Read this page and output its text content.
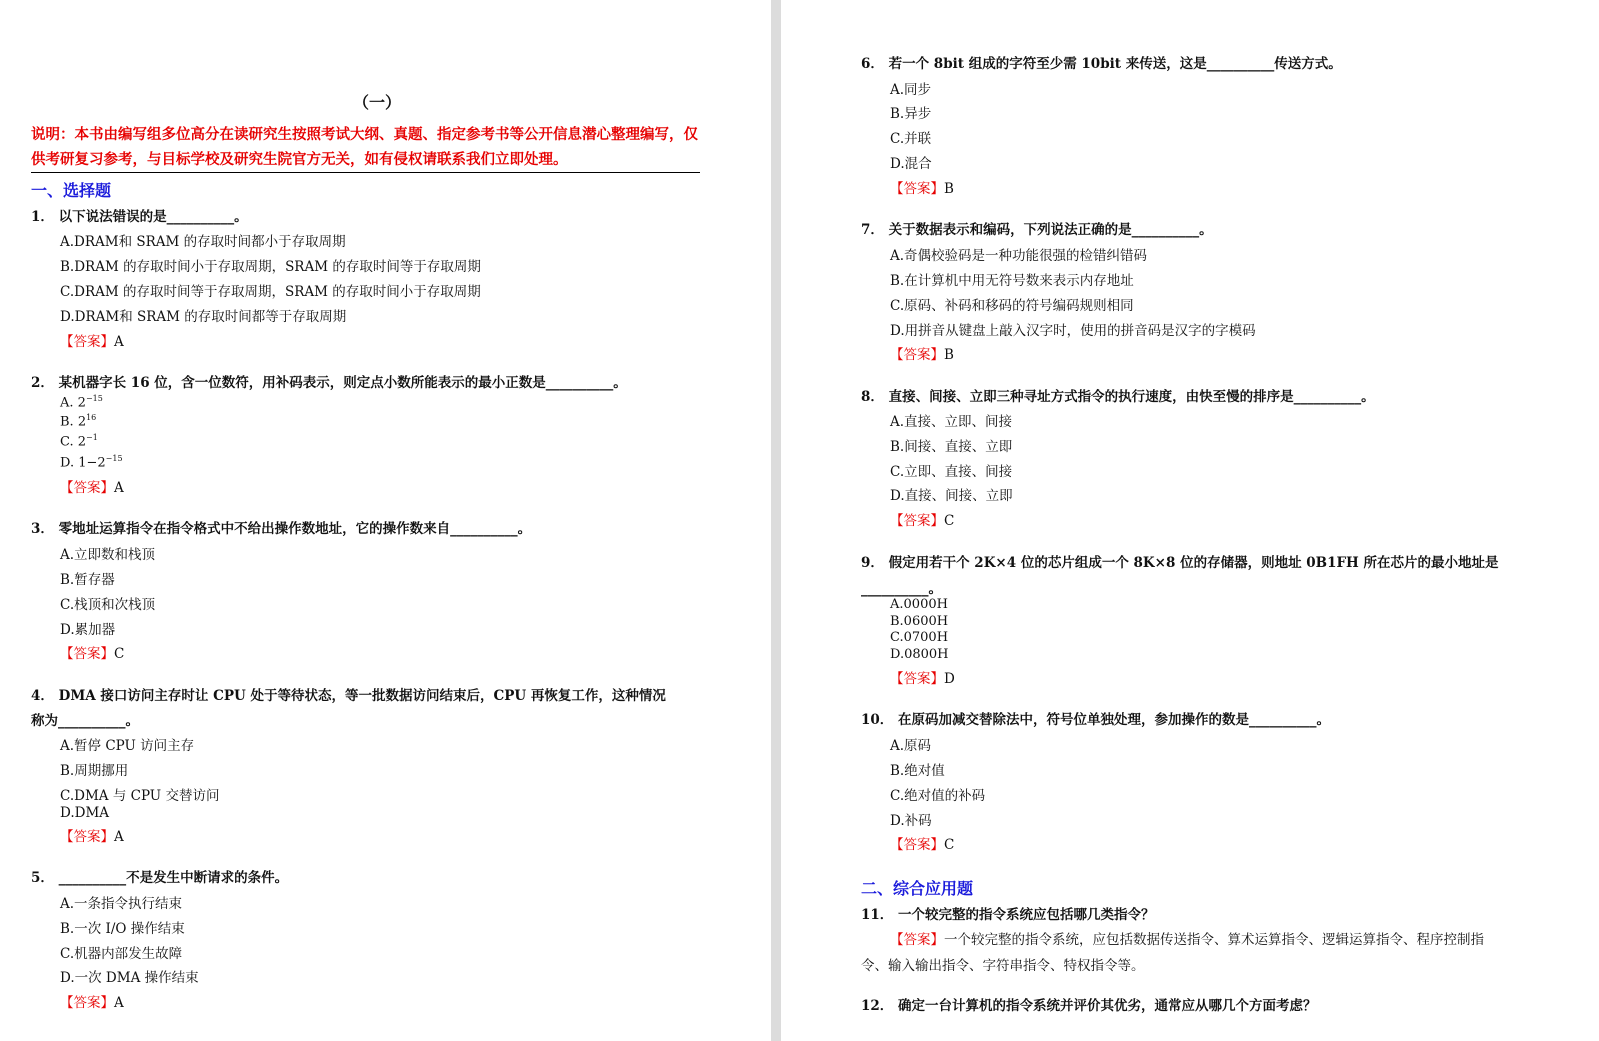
（一）
说明：本书由编写组多位高分在读研究生按照考试大纲、真题、指定参考书等公开信息潜心整理编写，仅供考研复习参考，与目标学校及研究生院官方无关，如有侵权请联系我们立即处理。
一、选择题
1． 以下说法错误的是__________。
A.DRAM和 SRAM 的存取时间都小于存取周期
B.DRAM 的存取时间小于存取周期，SRAM 的存取时间等于存取周期
C.DRAM 的存取时间等于存取周期，SRAM 的存取时间小于存取周期
D.DRAM和 SRAM 的存取时间都等于存取周期
【答案】A
2． 某机器字长 16 位，含一位数符，用补码表示，则定点小数所能表示的最小正数是__________。
A. $2^{-15}$
B. $2^{16}$
C. $2^{-1}$
D. $1-2^{-15}$
【答案】A
3． 零地址运算指令在指令格式中不给出操作数地址，它的操作数来自__________。
A.立即数和栈顶
B.暂存器
C.栈顶和次栈顶
D.累加器
【答案】C
4． DMA 接口访问主存时让 CPU 处于等待状态，等一批数据访问结束后，CPU 再恢复工作，这种情况
称为__________。
A.暂停 CPU 访问主存
B.周期挪用
C.DMA 与 CPU 交替访问
D.DMA
【答案】A
5． __________不是发生中断请求的条件。
A.一条指令执行结束
B.一次 I/O 操作结束
C.机器内部发生故障
D.一次 DMA 操作结束
【答案】A
6． 若一个 8bit 组成的字符至少需 10bit 来传送，这是__________传送方式。
A.同步
B.异步
C.并联
D.混合
【答案】B
7． 关于数据表示和编码，下列说法正确的是__________。
A.奇偶校验码是一种功能很强的检错纠错码
B.在计算机中用无符号数来表示内存地址
C.原码、补码和移码的符号编码规则相同
D.用拼音从键盘上敲入汉字时，使用的拼音码是汉字的字模码
【答案】B
8． 直接、间接、立即三种寻址方式指令的执行速度，由快至慢的排序是__________。
A.直接、立即、间接
B.间接、直接、立即
C.立即、直接、间接
D.直接、间接、立即
【答案】C
9． 假定用若干个 2K×4 位的芯片组成一个 8K×8 位的存储器，则地址 0B1FH 所在芯片的最小地址是
__________。
A.0000H
B.0600H
C.0700H
D.0800H
【答案】D
10． 在原码加减交替除法中，符号位单独处理，参加操作的数是__________。
A.原码
B.绝对值
C.绝对值的补码
D.补码
【答案】C
二、综合应用题
11． 一个较完整的指令系统应包括哪几类指令？
【答案】一个较完整的指令系统，应包括数据传送指令、算术运算指令、逻辑运算指令、程序控制指
令、输入输出指令、字符串指令、特权指令等。
12． 确定一台计算机的指令系统并评价其优劣，通常应从哪几个方面考虑？
